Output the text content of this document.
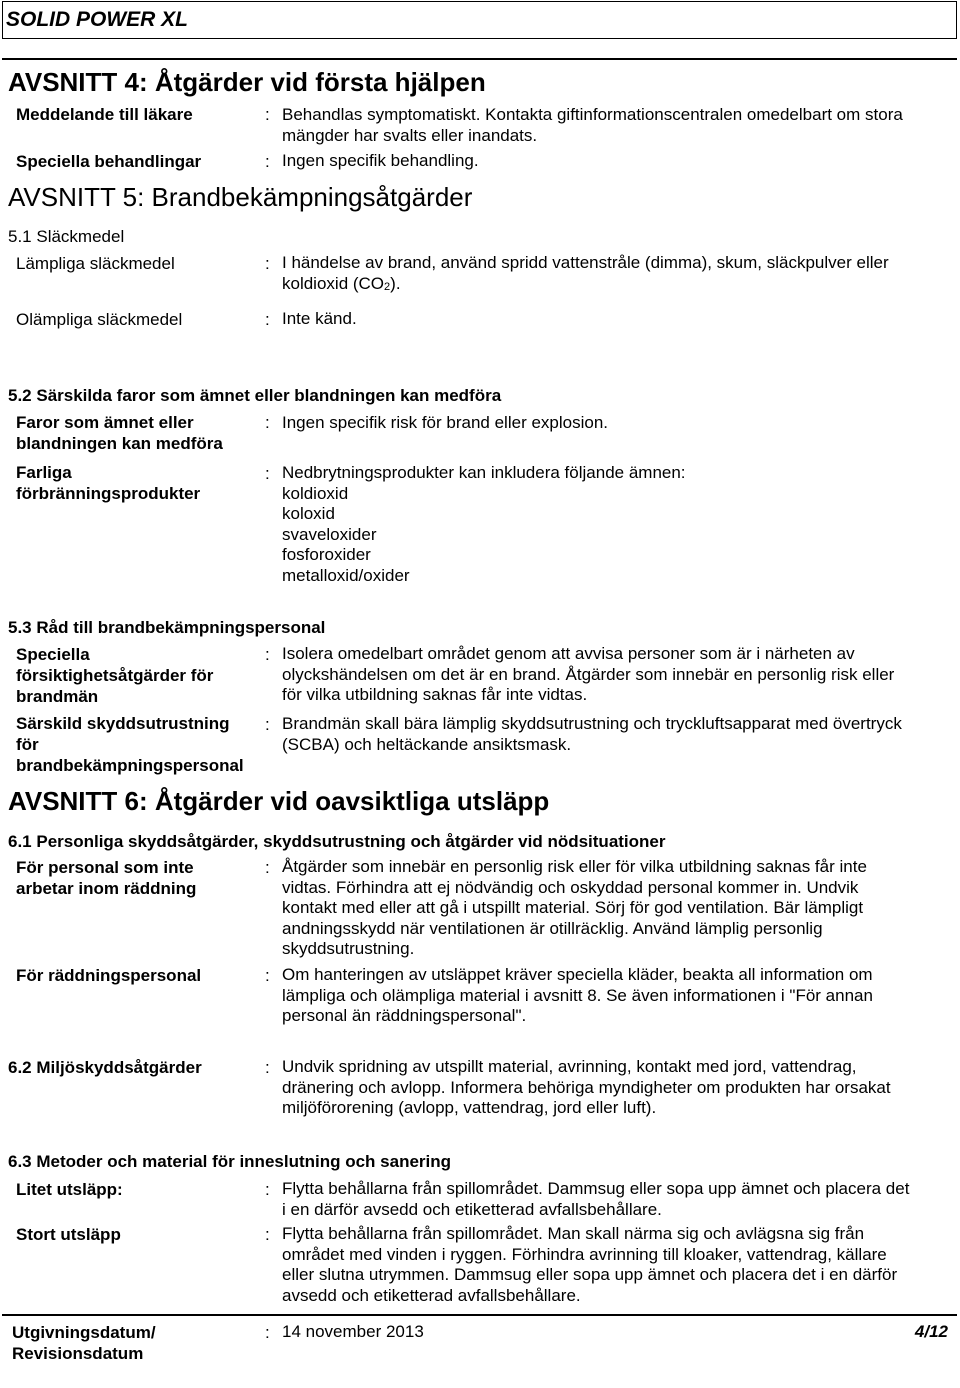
SOLID POWER XL
AVSNITT 4: Åtgärder vid första hjälpen
Meddelande till läkare	: Behandlas symptomatiskt. Kontakta giftinformationscentralen omedelbart om stora
mängder har svalts eller inandats.
Speciella behandlingar	: Ingen specifik behandling.
AVSNITT 5: Brandbekämpningsåtgärder
5.1 Släckmedel
Lämpliga släckmedel	: I händelse av brand, använd spridd vattenstråle (dimma), skum, släckpulver eller
koldioxid $(CO_2)$.
Olämpliga släckmedel	: Inte känd.
5.2 Särskilda faror som ämnet eller blandningen kan medföra
Faror som ämnet eller
blandningen kan medföra
: Ingen specifik risk för brand eller explosion.
Farliga
förbränningsprodukter
: Nedbrytningsprodukter kan inkludera följande ämnen:
koldioxid
koloxid
svaveloxider
fosforoxider
metalloxid/oxider
5.3 Råd till brandbekämpningspersonal
Speciella
försiktighetsåtgärder för
brandmän
: Isolera omedelbart området genom att avvisa personer som är i närheten av
olyckshändelsen om det är en brand. Åtgärder som innebär en personlig risk eller
för vilka utbildning saknas får inte vidtas.
Särskild skyddsutrustning
för
brandbekämpningspersonal
: Brandmän skall bära lämplig skyddsutrustning och tryckluftsapparat med övertryck
(SCBA) och heltäckande ansiktsmask.
AVSNITT 6: Åtgärder vid oavsiktliga utsläpp
6.1 Personliga skyddsåtgärder, skyddsutrustning och åtgärder vid nödsituationer
För personal som inte
arbetar inom räddning
: Åtgärder som innebär en personlig risk eller för vilka utbildning saknas får inte
vidtas. Förhindra att ej nödvändig och oskyddad personal kommer in. Undvik
kontakt med eller att gå i utspillt material. Sörj för god ventilation. Bär lämpligt
andningsskydd när ventilationen är otillräcklig. Använd lämplig personlig
skyddsutrustning.
För räddningspersonal	: Om hanteringen av utsläppet kräver speciella kläder, beakta all information om
lämpliga och olämpliga material i avsnitt 8. Se även informationen i "För annan
personal än räddningspersonal".
6.2 Miljöskyddsåtgärder	: Undvik spridning av utspillt material, avrinning, kontakt med jord, vattendrag,
dränering och avlopp. Informera behöriga myndigheter om produkten har orsakat
miljöförorening (avlopp, vattendrag, jord eller luft).
6.3 Metoder och material för inneslutning och sanering
Litet utsläpp:	: Flytta behållarna från spillområdet. Dammsug eller sopa upp ämnet och placera det
i en därför avsedd och etiketterad avfallsbehållare.
Stort utsläpp	: Flytta behållarna från spillområdet. Man skall närma sig och avlägsna sig från
området med vinden i ryggen. Förhindra avrinning till kloaker, vattendrag, källare
eller slutna utrymmen. Dammsug eller sopa upp ämnet och placera det i en därför
avsedd och etiketterad avfallsbehållare.
Utgivningsdatum/
Revisionsdatum
: 14 november 2013	4/12
